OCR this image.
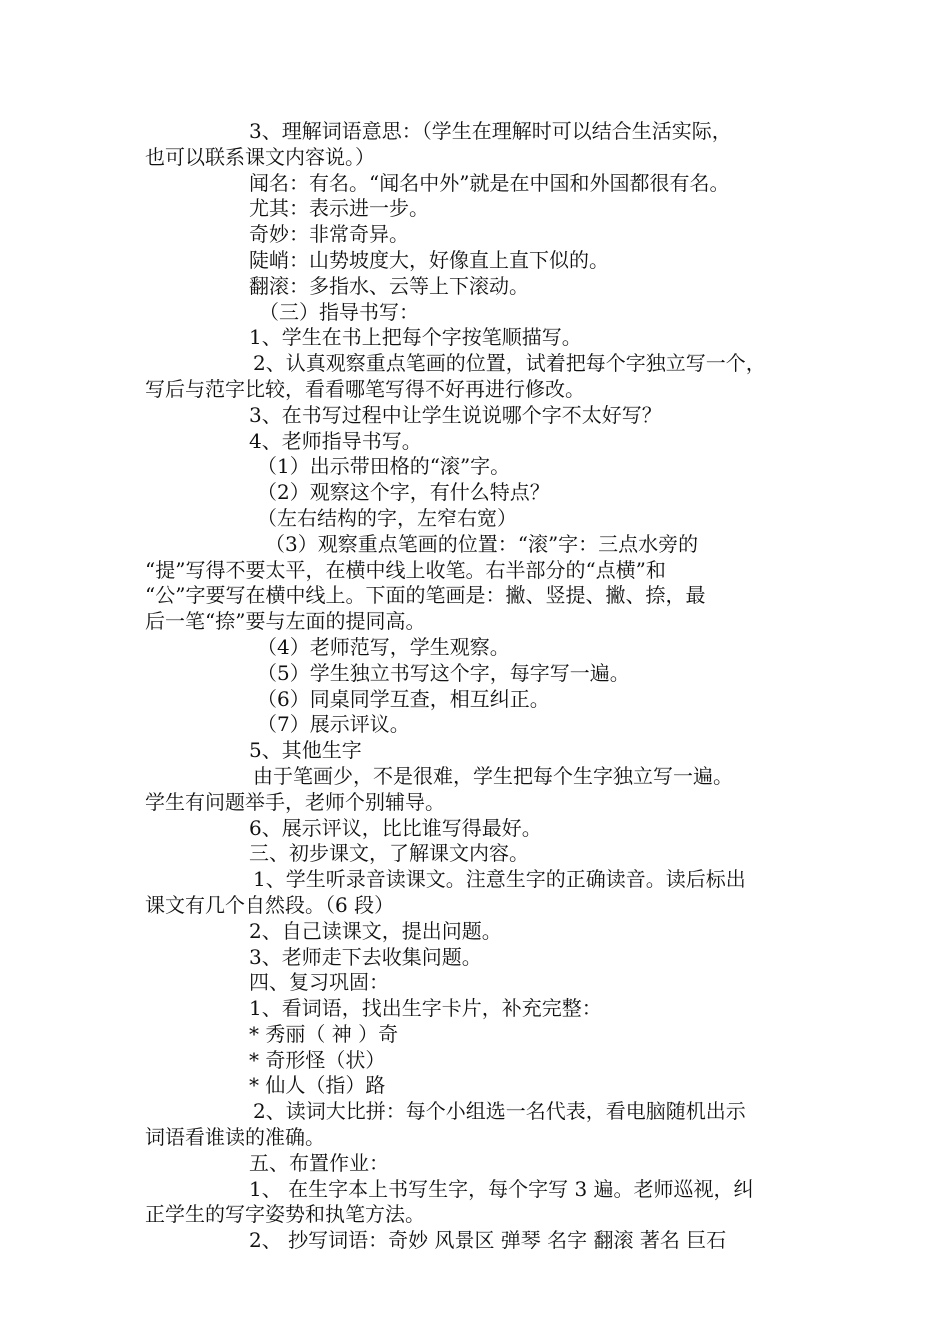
3、理解词语意思：（学生在理解时可以结合生活实际，
也可以联系课文内容说。）
闻名：有名。“闻名中外”就是在中国和外国都很有名。
尤其：表示进一步。
奇妙：非常奇异。
陡峭：山势坡度大，好像直上直下似的。
翻滚：多指水、云等上下滚动。
（三）指导书写：
1、学生在书上把每个字按笔顺描写。
2、认真观察重点笔画的位置，试着把每个字独立写一个，
写后与范字比较，看看哪笔写得不好再进行修改。
3、在书写过程中让学生说说哪个字不太好写？
4、老师指导书写。
（1）出示带田格的“滚”字。
（2）观察这个字，有什么特点？
（左右结构的字，左窄右宽）
（3）观察重点笔画的位置：“滚”字：三点水旁的
“提”写得不要太平，在横中线上收笔。右半部分的“点横”和
“公”字要写在横中线上。下面的笔画是：撇、竖提、撇、捺，最
后一笔“捺”要与左面的提同高。
（4）老师范写，学生观察。
（5）学生独立书写这个字，每字写一遍。
（6）同桌同学互查，相互纠正。
（7）展示评议。
5、其他生字
由于笔画少，不是很难，学生把每个生字独立写一遍。
学生有问题举手，老师个别辅导。
6、展示评议，比比谁写得最好。
三、初步课文，了解课文内容。
1、学生听录音读课文。注意生字的正确读音。读后标出
课文有几个自然段。（6 段）
2、自己读课文，提出问题。
3、老师走下去收集问题。
四、复习巩固：
1、看词语，找出生字卡片，补充完整：
* 秀丽（ 神 ）奇
* 奇形怪（状）
* 仙人（指）路
2、读词大比拼：每个小组选一名代表，看电脑随机出示
词语看谁读的准确。
五、布置作业：
1、 在生字本上书写生字，每个字写 3 遍。老师巡视，纠
正学生的写字姿势和执笔方法。
2、 抄写词语：奇妙 风景区 弹琴 名字 翻滚 著名 巨石
